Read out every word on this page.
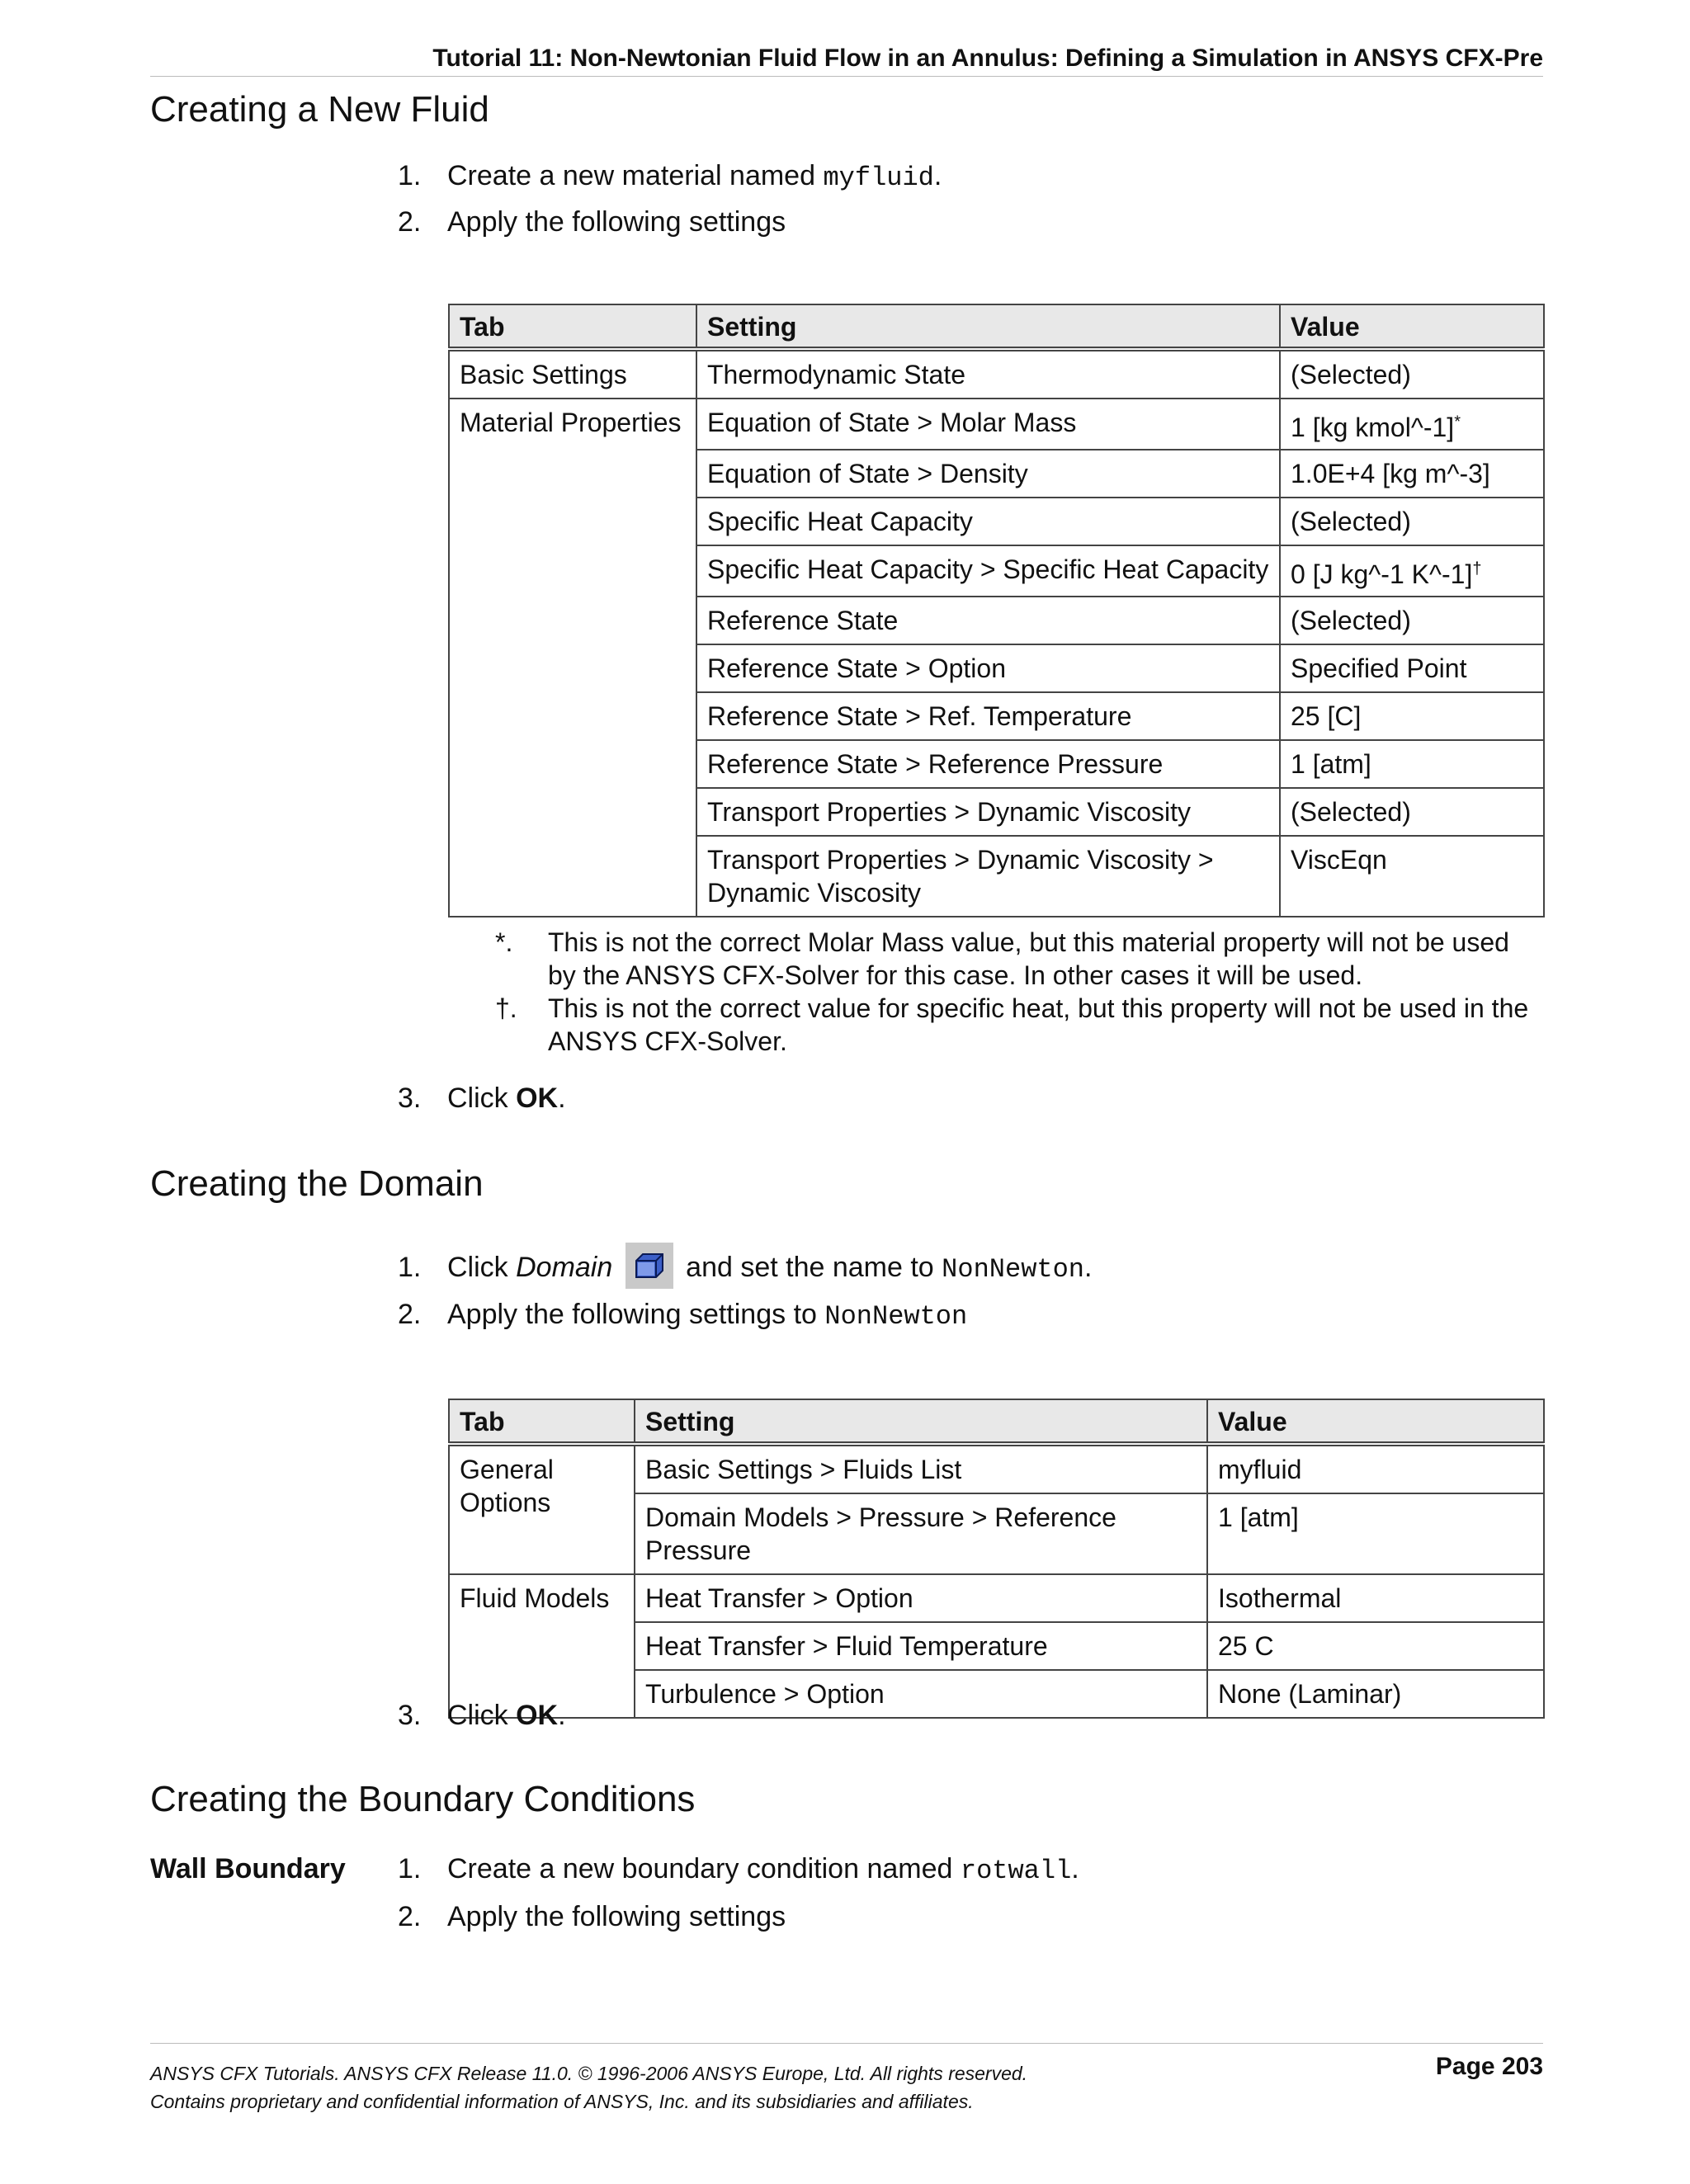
Tutorial 11: Non-Newtonian Fluid Flow in an Annulus: Defining a Simulation in ANSYS CFX-Pre
Creating a New Fluid
1. Create a new material named myfluid.
2. Apply the following settings
Tab	Setting	Value
Basic Settings	Thermodynamic State	(Selected)
Material Properties	Equation of State > Molar Mass	1 [kg kmol^-1]*
	Equation of State > Density	1.0E+4 [kg m^-3]
	Specific Heat Capacity	(Selected)
	Specific Heat Capacity > Specific Heat Capacity	0 [J kg^-1 K^-1]†
	Reference State	(Selected)
	Reference State > Option	Specified Point
	Reference State > Ref. Temperature	25 [C]
	Reference State > Reference Pressure	1 [atm]
	Transport Properties > Dynamic Viscosity	(Selected)
	Transport Properties > Dynamic Viscosity > Dynamic Viscosity	ViscEqn
*. This is not the correct Molar Mass value, but this material property will not be used by the ANSYS CFX-Solver for this case. In other cases it will be used.
†. This is not the correct value for specific heat, but this property will not be used in the ANSYS CFX-Solver.
3. Click OK.
Creating the Domain
1. Click Domain
and set the name to NonNewton.
2. Apply the following settings to NonNewton
Tab	Setting	Value
General Options	Basic Settings > Fluids List	myfluid
	Domain Models > Pressure > Reference Pressure	1 [atm]
Fluid Models	Heat Transfer > Option	Isothermal
	Heat Transfer > Fluid Temperature	25 C
	Turbulence > Option	None (Laminar)
3. Click OK.
Creating the Boundary Conditions
Wall Boundary 1. Create a new boundary condition named rotwall.
2. Apply the following settings
ANSYS CFX Tutorials. ANSYS CFX Release 11.0. © 1996-2006 ANSYS Europe, Ltd. All rights reserved.
Contains proprietary and confidential information of ANSYS, Inc. and its subsidiaries and affiliates.
Page 203
